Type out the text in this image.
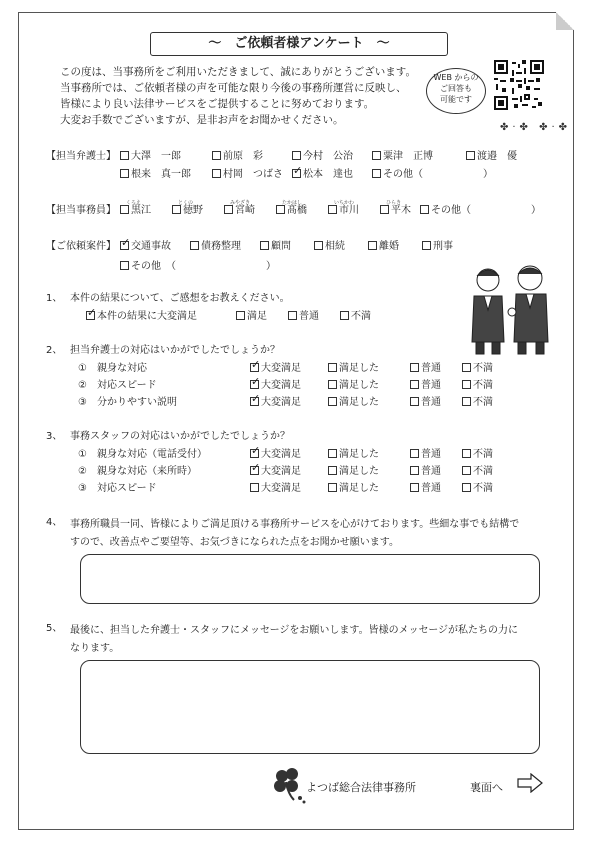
～　ご依頼者様アンケート　～
この度は、当事務所をご利用いただきまして、誠にありがとうございます。
当事務所では、ご依頼者様の声を可能な限り今後の事務所運営に反映し、
皆様により良い法律サービスをご提供することに努めております。
大変お手数でございますが、是非お声をお聞かせください。
WEB からの
ご回答も
可能です
✤·✤ ✤·✤
【担当弁護士】	大澤　一郎	前原　彩	今村　公治	粟津　正博	渡邉　優
根来　真一郎	村岡　つばさ ✓	松本　達也	その他（　　　　　　）
【担当事務員】
くろえ
黒江
とくの
徳野
みやざき
宮崎
たかはし
髙橋
いちかわ
市川
ひらき
平木	その他（　　　　　　）
【ご依頼案件】 ✓	交通事故	債務整理	顧問	相続	離婚	刑事
その他　（　　　　　　　　　）
1、 本件の結果について、ご感想をお教えください。
✓本件の結果に大変満足	満足	普通	不満
2、 担当弁護士の対応はいかがでしたでしょうか？
①　親身な対応 ✓	大変満足	満足した	普通	不満
②　対応スピード ✓	大変満足	満足した	普通	不満
③　分かりやすい説明 ✓	大変満足	満足した	普通	不満
3、 事務スタッフの対応はいかがでしたでしょうか？
①　親身な対応（電話受付） ✓	大変満足	満足した	普通	不満
②　親身な対応（来所時） ✓	大変満足	満足した	普通	不満
③　対応スピード	大変満足	満足した	普通	不満
4、 事務所職員一同、皆様によりご満足頂ける事務所サービスを心がけております。些細な事でも結構で
すので、改善点やご要望等、お気づきになられた点をお聞かせ願います。
5、 最後に、担当した弁護士・スタッフにメッセージをお願いします。皆様のメッセージが私たちの力に
なります。
よつば総合法律事務所	裏面へ
